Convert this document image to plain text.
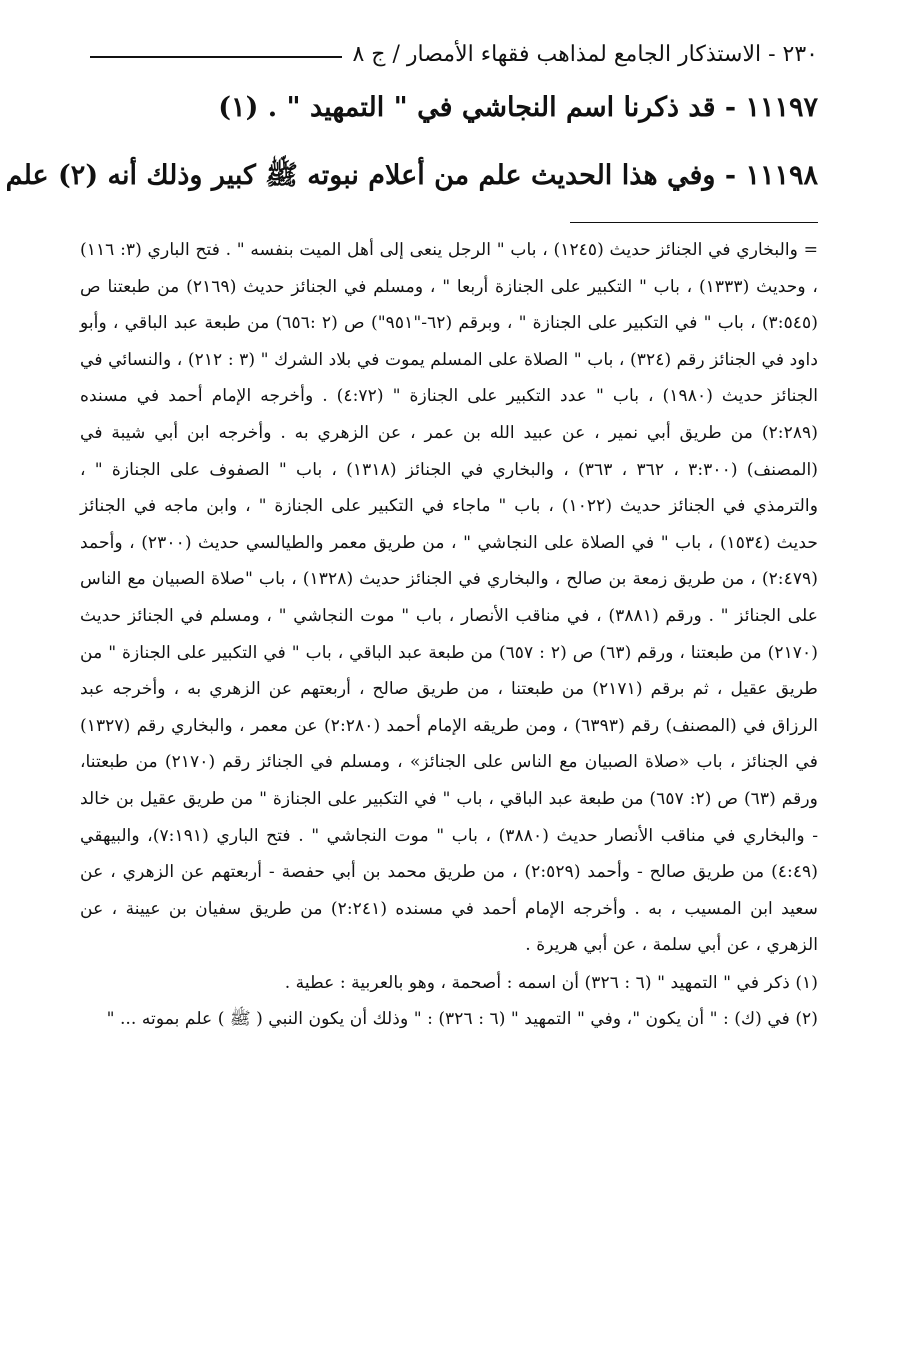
٢٣٠ - الاستذكار الجامع لمذاهب فقهاء الأمصار / ج ٨
١١١٩٧ - قد ذكرنا اسم النجاشي في " التمهيد " . (١)
١١١٩٨ - وفي هذا الحديث علم من أعلام نبوته ﷺ كبير وذلك أنه (٢) علم

= والبخاري في الجنائز حديث (١٢٤٥) ، باب " الرجل ينعى إلى أهل الميت بنفسه " . فتح الباري (٣: ١١٦) ، وحديث (١٣٣٣) ، باب " التكبير على الجنازة أربعا " ، ومسلم في الجنائز حديث (٢١٦٩) من طبعتنا ص (٣:٥٤٥) ، باب " في التكبير على الجنازة " ، وبرقم (٦٢-"٩٥١") ص (٢ :٦٥٦) من طبعة عبد الباقي ، وأبو داود في الجنائز رقم (٣٢٤) ، باب " الصلاة على المسلم يموت في بلاد الشرك " (٣ : ٢١٢) ، والنسائي في الجنائز حديث (١٩٨٠) ، باب " عدد التكبير على الجنازة " (٤:٧٢) . وأخرجه الإمام أحمد في مسنده (٢:٢٨٩) من طريق أبي نمير ، عن عبيد الله بن عمر ، عن الزهري به . وأخرجه ابن أبي شيبة في (المصنف) (٣:٣٠٠ ، ٣٦٢ ، ٣٦٣) ، والبخاري في الجنائز (١٣١٨) ، باب " الصفوف على الجنازة " ، والترمذي في الجنائز حديث (١٠٢٢) ، باب " ماجاء في التكبير على الجنازة " ، وابن ماجه في الجنائز حديث (١٥٣٤) ، باب " في الصلاة على النجاشي " ، من طريق معمر والطيالسي حديث (٢٣٠٠) ، وأحمد (٢:٤٧٩) ، من طريق زمعة بن صالح ، والبخاري في الجنائز حديث (١٣٢٨) ، باب "صلاة الصبيان مع الناس على الجنائز " . ورقم (٣٨٨١) ، في مناقب الأنصار ، باب " موت النجاشي " ، ومسلم في الجنائز حديث (٢١٧٠) من طبعتنا ، ورقم (٦٣) ص (٢ : ٦٥٧) من طبعة عبد الباقي ، باب " في التكبير على الجنازة " من طريق عقيل ، ثم برقم (٢١٧١) من طبعتنا ، من طريق صالح ، أربعتهم عن الزهري به ، وأخرجه عبد الرزاق في (المصنف) رقم (٦٣٩٣) ، ومن طريقه الإمام أحمد (٢:٢٨٠) عن معمر ، والبخاري رقم (١٣٢٧) في الجنائز ، باب «صلاة الصبيان مع الناس على الجنائز» ، ومسلم في الجنائز رقم (٢١٧٠) من طبعتنا، ورقم (٦٣) ص (٢: ٦٥٧) من طبعة عبد الباقي ، باب " في التكبير على الجنازة " من طريق عقيل بن خالد - والبخاري في مناقب الأنصار حديث (٣٨٨٠) ، باب " موت النجاشي " . فتح الباري (٧:١٩١)، والبيهقي (٤:٤٩) من طريق صالح - وأحمد (٢:٥٢٩) ، من طريق محمد بن أبي حفصة - أربعتهم عن الزهري ، عن سعيد ابن المسيب ، به . وأخرجه الإمام أحمد في مسنده (٢:٢٤١) من طريق سفيان بن عيينة ، عن الزهري ، عن أبي سلمة ، عن أبي هريرة .

(١) ذكر في " التمهيد " (٦ : ٣٢٦) أن اسمه : أصحمة ، وهو بالعربية : عطية .

(٢) في (ك) : " أن يكون "، وفي " التمهيد " (٦ : ٣٢٦) : " وذلك أن يكون النبي ( ﷺ ) علم بموته ... "
